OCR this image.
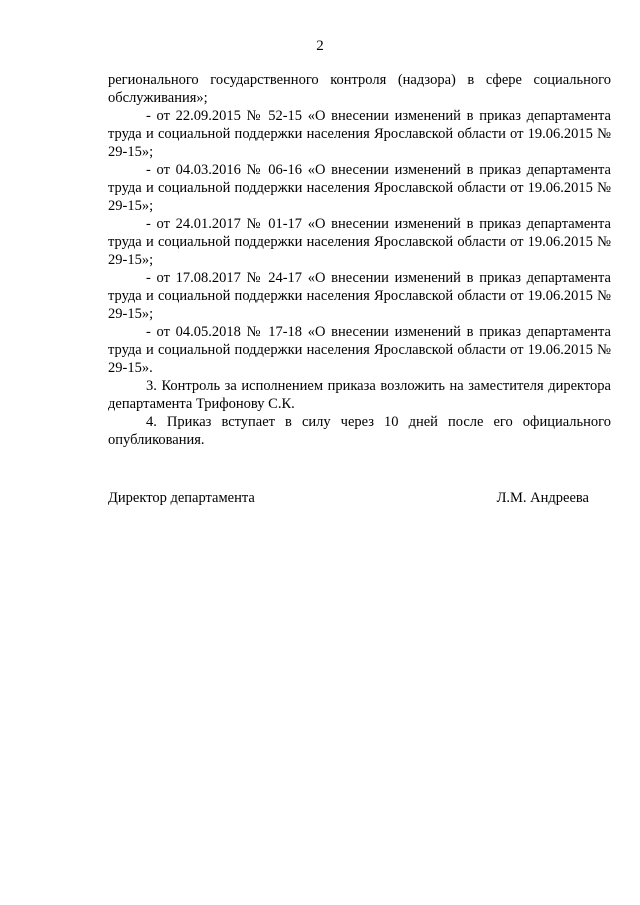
2

регионального государственного контроля (надзора) в сфере социального обслуживания»;

- от 22.09.2015 № 52-15 «О внесении изменений в приказ департамента труда и социальной поддержки населения Ярославской области от 19.06.2015 № 29-15»;

- от 04.03.2016 № 06-16 «О внесении изменений в приказ департамента труда и социальной поддержки населения Ярославской области от 19.06.2015 № 29-15»;

- от 24.01.2017 № 01-17 «О внесении изменений в приказ департамента труда и социальной поддержки населения Ярославской области от 19.06.2015 № 29-15»;

- от 17.08.2017 № 24-17 «О внесении изменений в приказ департамента труда и социальной поддержки населения Ярославской области от 19.06.2015 № 29-15»;

- от 04.05.2018 № 17-18 «О внесении изменений в приказ департамента труда и социальной поддержки населения Ярославской области от 19.06.2015 № 29-15».

3. Контроль за исполнением приказа возложить на заместителя директора департамента Трифонову С.К.

4. Приказ вступает в силу через 10 дней после его официального опубликования.

Директор департамента	Л.М. Андреева
